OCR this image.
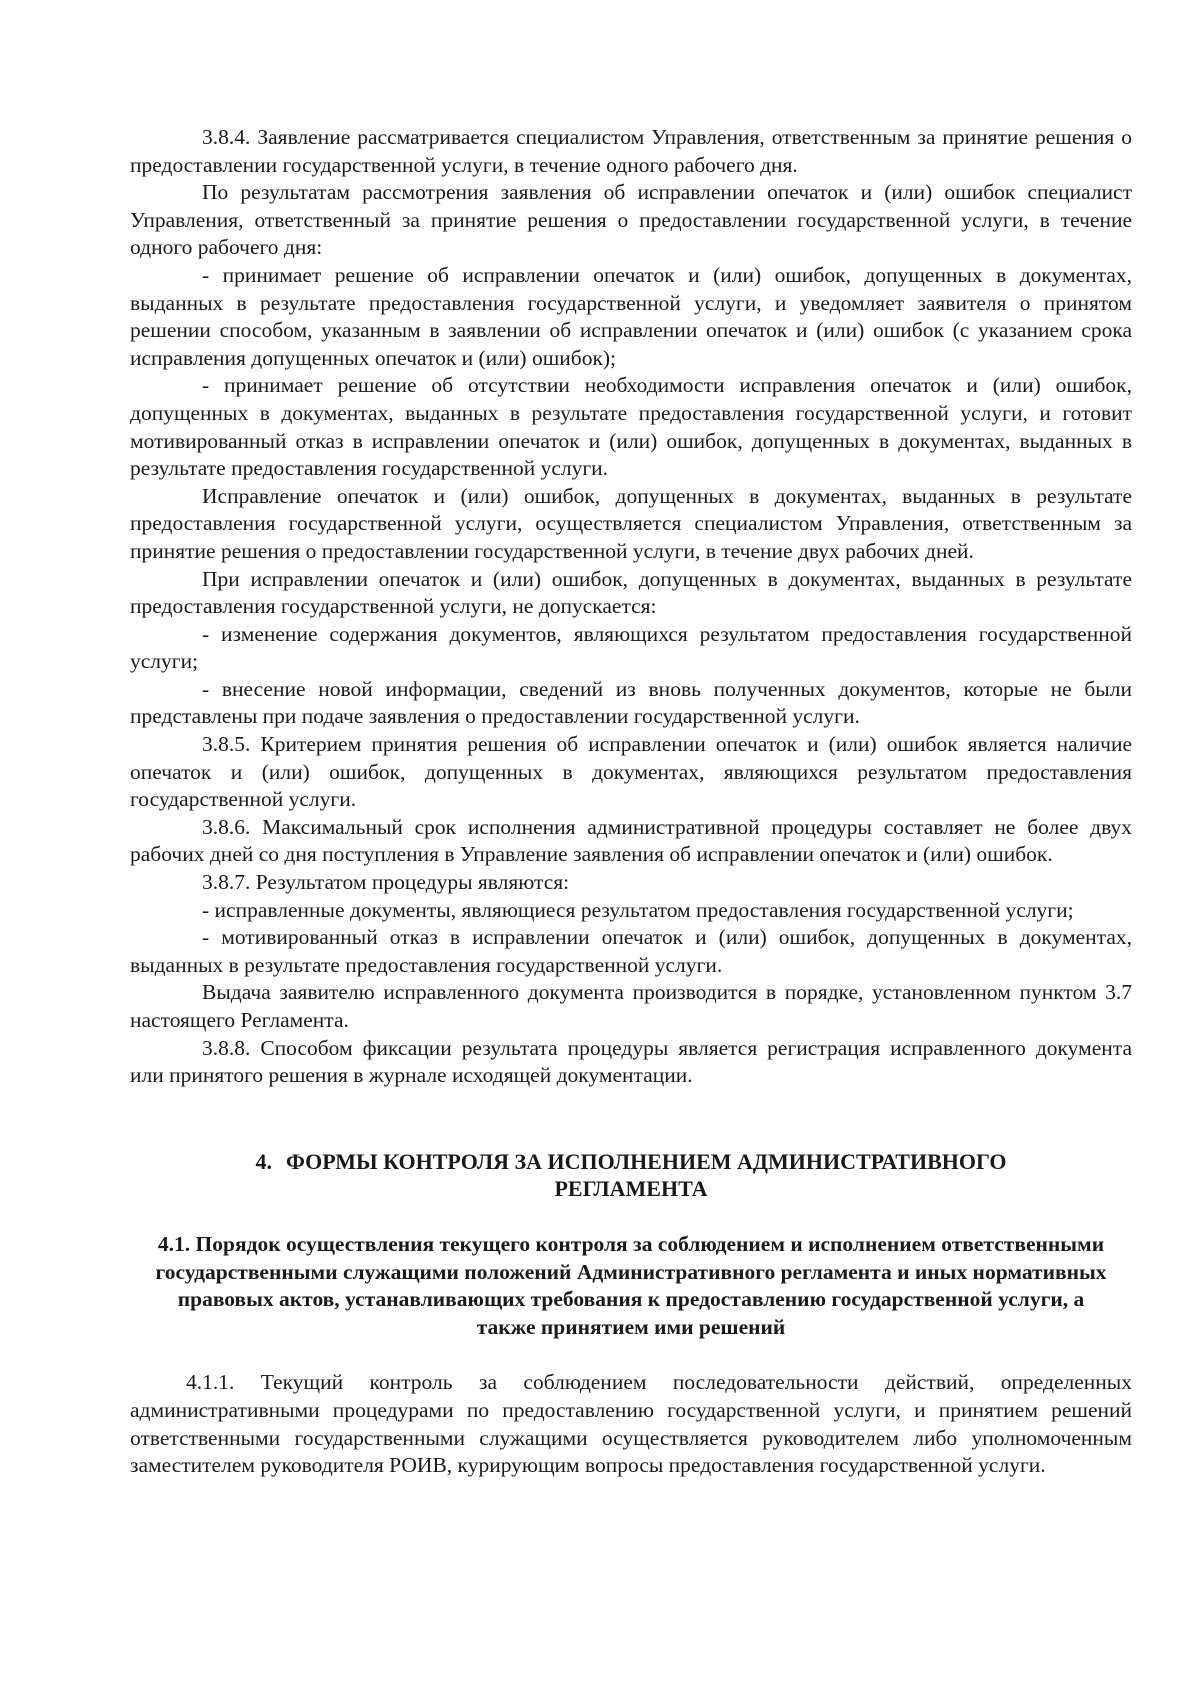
3.8.4. Заявление рассматривается специалистом Управления, ответственным за принятие решения о предоставлении государственной услуги, в течение одного рабочего дня.

По результатам рассмотрения заявления об исправлении опечаток и (или) ошибок специалист Управления, ответственный за принятие решения о предоставлении государственной услуги, в течение одного рабочего дня:

- принимает решение об исправлении опечаток и (или) ошибок, допущенных в документах, выданных в результате предоставления государственной услуги, и уведомляет заявителя о принятом решении способом, указанным в заявлении об исправлении опечаток и (или) ошибок (с указанием срока исправления допущенных опечаток и (или) ошибок);

- принимает решение об отсутствии необходимости исправления опечаток и (или) ошибок, допущенных в документах, выданных в результате предоставления государственной услуги, и готовит мотивированный отказ в исправлении опечаток и (или) ошибок, допущенных в документах, выданных в результате предоставления государственной услуги.

Исправление опечаток и (или) ошибок, допущенных в документах, выданных в результате предоставления государственной услуги, осуществляется специалистом Управления, ответственным за принятие решения о предоставлении государственной услуги, в течение двух рабочих дней.

При исправлении опечаток и (или) ошибок, допущенных в документах, выданных в результате предоставления государственной услуги, не допускается:

- изменение содержания документов, являющихся результатом предоставления государственной услуги;

- внесение новой информации, сведений из вновь полученных документов, которые не были представлены при подаче заявления о предоставлении государственной услуги.

3.8.5. Критерием принятия решения об исправлении опечаток и (или) ошибок является наличие опечаток и (или) ошибок, допущенных в документах, являющихся результатом предоставления государственной услуги.

3.8.6. Максимальный срок исполнения административной процедуры составляет не более двух рабочих дней со дня поступления в Управление заявления об исправлении опечаток и (или) ошибок.

3.8.7. Результатом процедуры являются:

- исправленные документы, являющиеся результатом предоставления государственной услуги;

- мотивированный отказ в исправлении опечаток и (или) ошибок, допущенных в документах, выданных в результате предоставления государственной услуги.

Выдача заявителю исправленного документа производится в порядке, установленном пунктом 3.7 настоящего Регламента.

3.8.8. Способом фиксации результата процедуры является регистрация исправленного документа или принятого решения в журнале исходящей документации.

4. ФОРМЫ КОНТРОЛЯ ЗА ИСПОЛНЕНИЕМ АДМИНИСТРАТИВНОГО РЕГЛАМЕНТА
4.1. Порядок осуществления текущего контроля за соблюдением и исполнением ответственными государственными служащими положений Административного регламента и иных нормативных правовых актов, устанавливающих требования к предоставлению государственной услуги, а также принятием ими решений

4.1.1. Текущий контроль за соблюдением последовательности действий, определенных административными процедурами по предоставлению государственной услуги, и принятием решений ответственными государственными служащими осуществляется руководителем либо уполномоченным заместителем руководителя РОИВ, курирующим вопросы предоставления государственной услуги.
